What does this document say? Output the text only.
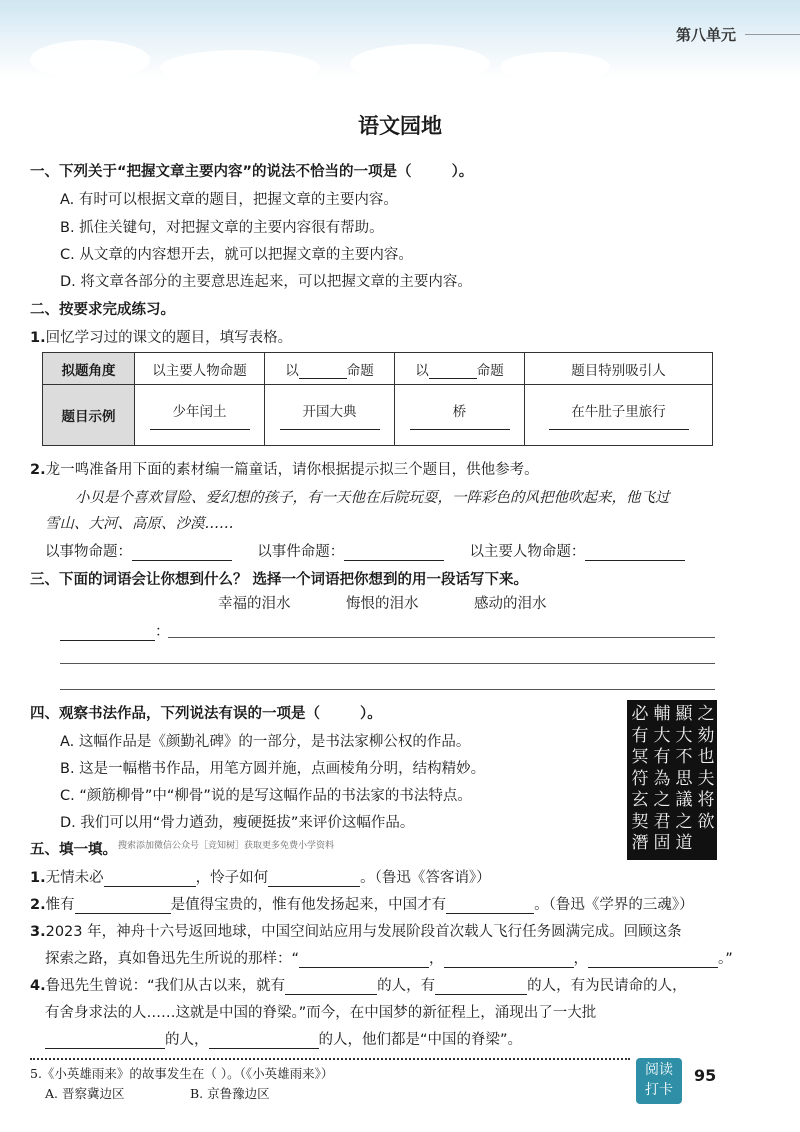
第八单元
语文园地
一、下列关于“把握文章主要内容”的说法不恰当的一项是（	）。
A. 有时可以根据文章的题目，把握文章的主要内容。
B. 抓住关键句，对把握文章的主要内容很有帮助。
C. 从文章的内容想开去，就可以把握文章的主要内容。
D. 将文章各部分的主要意思连起来，可以把握文章的主要内容。
二、按要求完成练习。
1.回忆学习过的课文的题目，填写表格。
拟题角度	以主要人物命题	以 命题	以 命题	题目特别吸引人
题目示例	少年闰土	开国大典	桥	在牛肚子里旅行
2.龙一鸣准备用下面的素材编一篇童话，请你根据提示拟三个题目，供他参考。
小贝是个喜欢冒险、爱幻想的孩子，有一天他在后院玩耍，一阵彩色的风把他吹起来，他飞过
雪山、大河、高原、沙漠……
以事物命题：	以事件命题：	以主要人物命题：
三、下面的词语会让你想到什么？ 选择一个词语把你想到的用一段话写下来。
幸福的泪水	悔恨的泪水	感动的泪水
：
四、观察书法作品，下列说法有误的一项是（	）。
A. 这幅作品是《颜勤礼碑》的一部分，是书法家柳公权的作品。
B. 这是一幅楷书作品，用笔方圆并施，点画棱角分明，结构精妙。
C. “颜筋柳骨”中“柳骨”说的是写这幅作品的书法家的书法特点。
D. 我们可以用“骨力遒劲，瘦硬挺拔”来评价这幅作品。
之
劾
也
夫
将
欲
顯
大
不
思
議
之
道
輔
大
有
為
之
君
固
必
有
冥
符
玄
契
潛
五、填一填。 搜索添加微信公众号［竞知树］获取更多免费小学资料
1.无情未必	，怜子如何	。（鲁迅《答客诮》）
2.惟有	是值得宝贵的，惟有他发扬起来，中国才有	。（鲁迅《学界的三魂》）
3.2023 年，神舟十六号返回地球，中国空间站应用与发展阶段首次载人飞行任务圆满完成。回顾这条
探索之路，真如鲁迅先生所说的那样：“	，	，	。”
4.鲁迅先生曾说：“我们从古以来，就有	的人，有	的人，有为民请命的人，
有舍身求法的人……这就是中国的脊梁。”而今，在中国梦的新征程上，涌现出了一大批
的人，	的人，他们都是“中国的脊梁”。
5.《小英雄雨来》的故事发生在（ ）。（《小英雄雨来》）
A. 晋察冀边区	B. 京鲁豫边区
阅读
打卡
95
